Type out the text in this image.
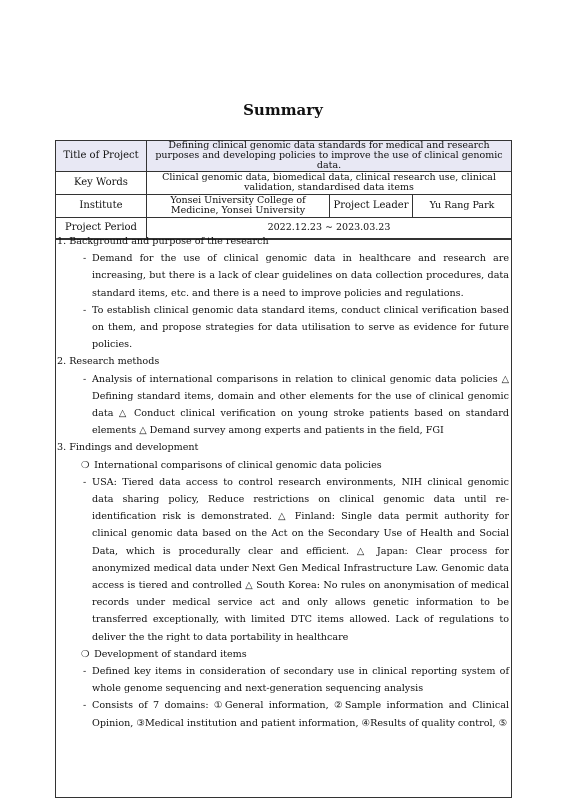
Summary
Title of Project	Defining clinical genomic data standards for medical and research purposes and developing policies to improve the use of clinical genomic data.		
Key Words	Clinical genomic data, biomedical data, clinical research use, clinical validation, standardised data items		
Institute	Yonsei University College of Medicine, Yonsei University	Project Leader	Yu Rang Park
Project Period	2022.12.23 ∼ 2023.03.23		
1. Background and purpose of the research
- Demand for the use of clinical genomic data in healthcare and research are increasing, but there is a lack of clear guidelines on data collection procedures, data standard items, etc. and there is a need to improve policies and regulations.
- To establish clinical genomic data standard items, conduct clinical verification based on them, and propose strategies for data utilisation to serve as evidence for future policies.
2. Research methods
- Analysis of international comparisons in relation to clinical genomic data policies △ Defining standard items, domain and other elements for the use of clinical genomic data △ Conduct clinical verification on young stroke patients based on standard elements △ Demand survey among experts and patients in the field, FGI
3. Findings and development
❍ International comparisons of clinical genomic data policies
- USA: Tiered data access to control research environments, NIH clinical genomic data sharing policy, Reduce restrictions on clinical genomic data until re-identification risk is demonstrated. △ Finland: Single data permit authority for clinical genomic data based on the Act on the Secondary Use of Health and Social Data, which is procedurally clear and efficient. △ Japan: Clear process for anonymized medical data under Next Gen Medical Infrastructure Law. Genomic data access is tiered and controlled △ South Korea: No rules on anonymisation of medical records under medical service act and only allows genetic information to be transferred exceptionally, with limited DTC items allowed. Lack of regulations to deliver the the right to data portability in healthcare
❍ Development of standard items
- Defined key items in consideration of secondary use in clinical reporting system of whole genome sequencing and next-generation sequencing analysis
- Consists of 7 domains: ①General information, ②Sample information and Clinical Opinion, ③Medical institution and patient information, ④Results of quality control, ⑤
